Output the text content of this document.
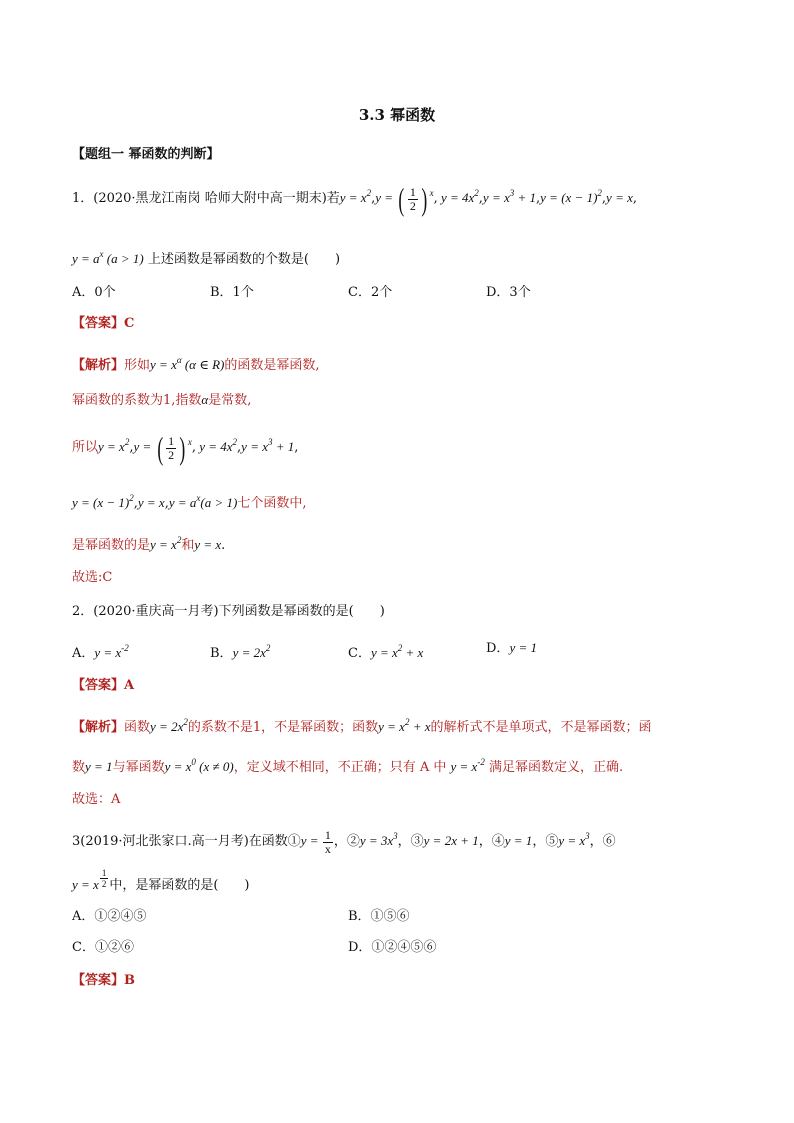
3.3 幂函数
【题组一 幂函数的判断】
1．(2020·黑龙江南岗 哈师大附中高一期末)若$y = x^2,y$ = ( $\frac{1}{2}$ ) $^x$, $y = 4x^2,y = x^3 + 1,y = (x - 1)^2,y = x$,
$y = a^x$ (a > 1) 上述函数是幂函数的个数是(　　)
A．0个	B．1个	C．2个	D．3个
【答案】C
【解析】形如$y = x^\alpha$ (α ∈ R)的函数是幂函数,
幂函数的系数为1,指数α是常数,
所以$y = x^2,y$ = ( $\frac{1}{2}$ ) $^x$, $y = 4x^2,y = x^3 + 1$,
$y = (x - 1)^2,y = x,y = a^x(a > 1)$七个函数中,
是幂函数的是$y = x^2$和y = x.
故选:C
2．(2020·重庆高一月考)下列函数是幂函数的是(　　)
A．$y = x^{-2}$	B．$y = 2x^2$	C．$y = x^2 + x$	D．y = 1
【答案】A
【解析】函数$y = 2x^2$的系数不是1，不是幂函数；函数$y = x^2 + x$的解析式不是单项式，不是幂函数；函
数y = 1与幂函数$y = x^0$ (x ≠ 0)，定义域不相同，不正确；只有 A 中 $y = x^{-2}$ 满足幂函数定义，正确.
故选：A
3(2019·河北张家口.高一月考)在函数①y = $\frac{1}{x}$ ，②y = $3x^3$，③y = 2x + 1，④y = 1，⑤y = $x^3$，⑥
y = x $\frac{1}{2}$ 中，是幂函数的是(　　)
A．①②④⑤	B．①⑤⑥
C．①②⑥	D．①②④⑤⑥
【答案】B
